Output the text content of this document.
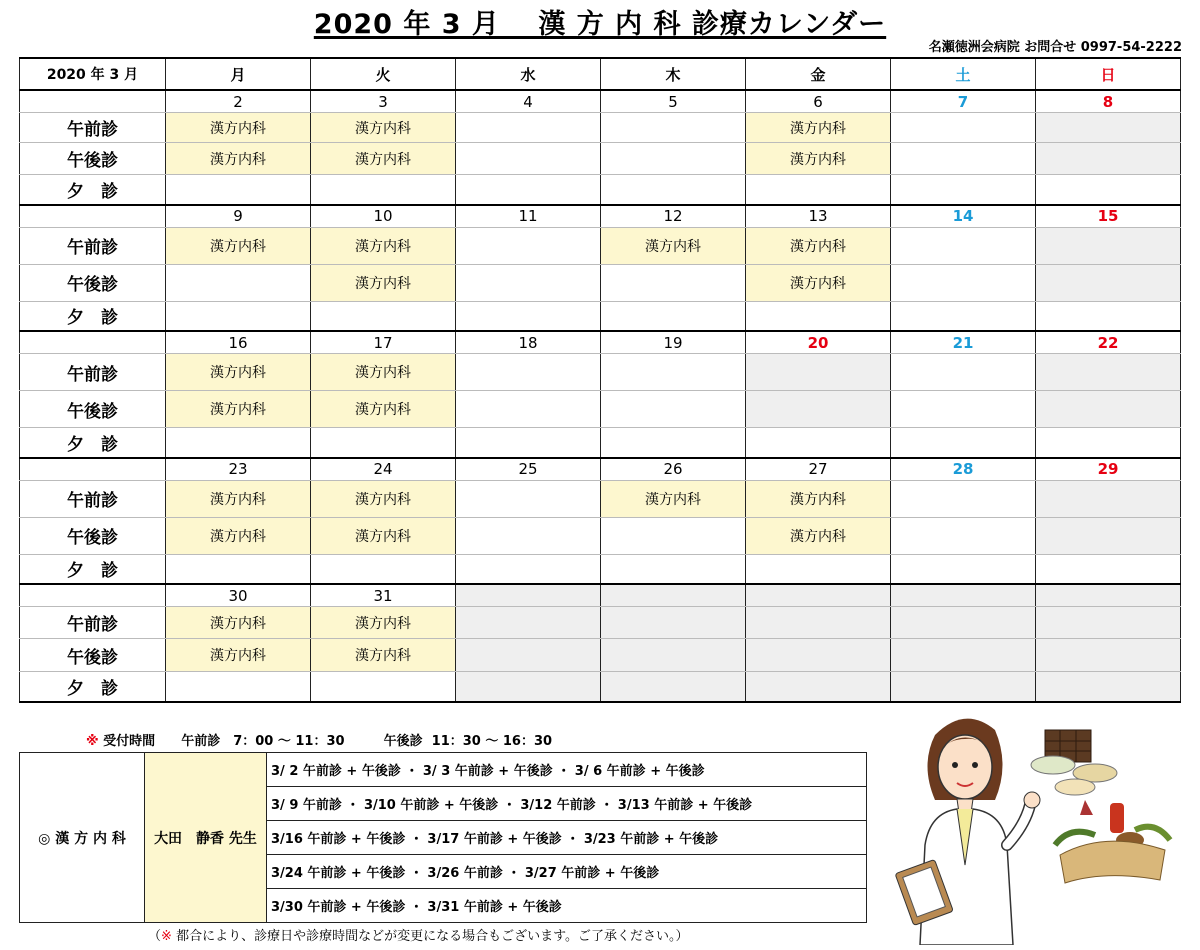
2020 年 3 月　 漢 方 内 科 診療カレンダー
名瀬徳洲会病院 お問合せ 0997-54-2222
2020 年 3 月	月	火	水	木	金	土	日
	2	3	4	5	6	7	8
午前診	漢方内科	漢方内科			漢方内科		
午後診	漢方内科	漢方内科			漢方内科		
夕　診							
	9	10	11	12	13	14	15
午前診	漢方内科	漢方内科		漢方内科	漢方内科		
午後診		漢方内科			漢方内科		
夕　診							
	16	17	18	19	20	21	22
午前診	漢方内科	漢方内科					
午後診	漢方内科	漢方内科					
夕　診							
	23	24	25	26	27	28	29
午前診	漢方内科	漢方内科		漢方内科	漢方内科		
午後診	漢方内科	漢方内科			漢方内科		
夕　診							
	30	31					
午前診	漢方内科	漢方内科					
午後診	漢方内科	漢方内科					
夕　診							
※ 受付時間　　 午前診　7：00 ～ 11：30　　　	午後診  11：30 ～ 16：30
◎ 漢 方 内 科	大田　静香 先生	3/ 2 午前診 + 午後診 ・ 3/ 3 午前診 + 午後診 ・ 3/ 6 午前診 + 午後診
3/ 9 午前診 ・ 3/10 午前診 + 午後診 ・ 3/12 午前診 ・ 3/13 午前診 + 午後診
3/16 午前診 + 午後診 ・ 3/17 午前診 + 午後診 ・ 3/23 午前診 + 午後診
3/24 午前診 + 午後診 ・ 3/26 午前診 ・ 3/27 午前診 + 午後診
3/30 午前診 + 午後診 ・ 3/31 午前診 + 午後診
（※ 都合により、診療日や診療時間などが変更になる場合もございます。ご了承ください。）
